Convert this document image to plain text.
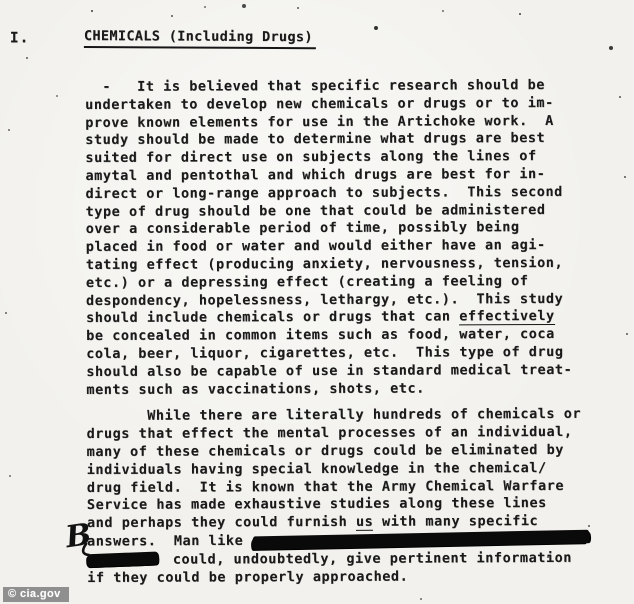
I.	CHEMICALS (Including Drugs)
-   It is believed that specific research should be
undertaken to develop new chemicals or drugs or to im-
prove known elements for use in the Artichoke work.  A
study should be made to determine what drugs are best
suited for direct use on subjects along the lines of
amytal and pentothal and which drugs are best for in-
direct or long-range approach to subjects.  This second
type of drug should be one that could be administered
over a considerable period of time, possibly being
placed in food or water and would either have an agi-
tating effect (producing anxiety, nervousness, tension,
etc.) or a depressing effect (creating a feeling of
despondency, hopelessness, lethargy, etc.).  This study
should include chemicals or drugs that can effectively
be concealed in common items such as food, water, coca
cola, beer, liquor, cigarettes, etc.  This type of drug
should also be capable of use in standard medical treat-
ments such as vaccinations, shots, etc.
While there are literally hundreds of chemicals or
drugs that effect the mental processes of an individual,
many of these chemicals or drugs could be eliminated by
individuals having special knowledge in the chemical/
drug field.  It is known that the Army Chemical Warfare
Service has made exhaustive studies along these lines
and perhaps they could furnish us with many specific
answers.  Man like
could, undoubtedly, give pertinent information
if they could be properly approached.
B
© cia.gov
